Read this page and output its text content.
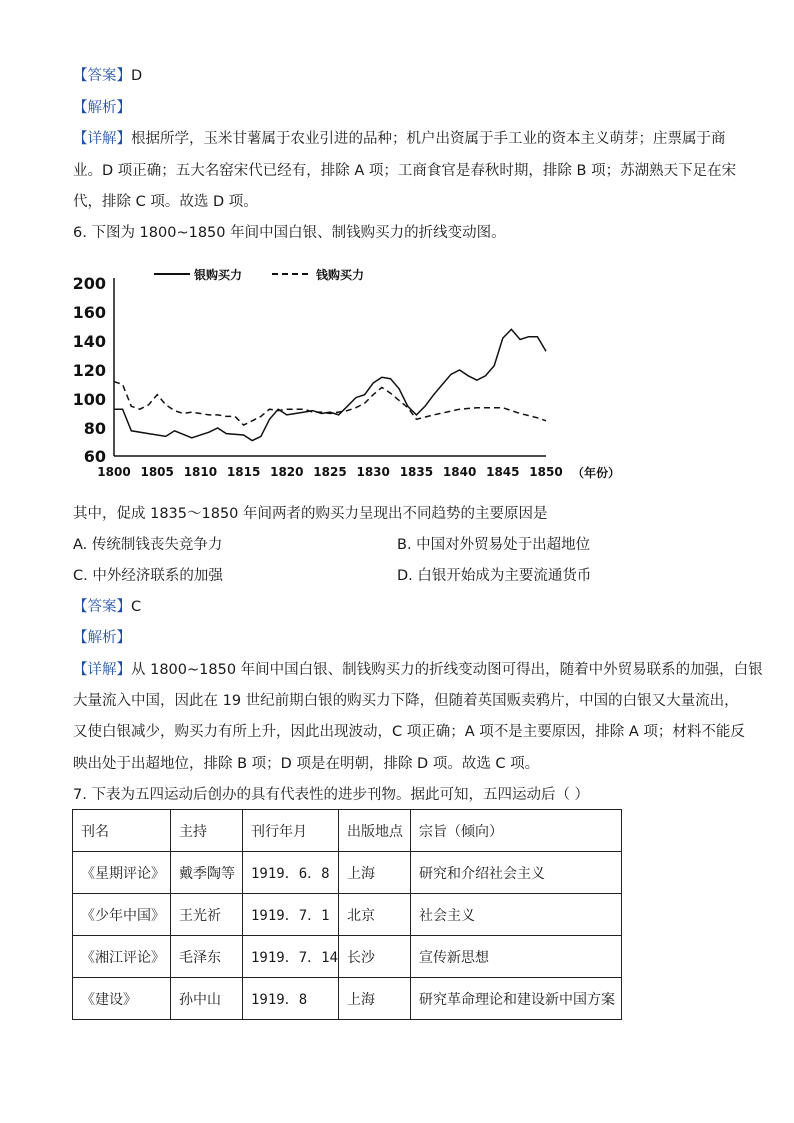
【答案】D
【解析】
【详解】根据所学，玉米甘薯属于农业引进的品种；机户出资属于手工业的资本主义萌芽；庄票属于商
业。D 项正确；五大名窑宋代已经有，排除 A 项；工商食官是春秋时期，排除 B 项；苏湖熟天下足在宋
代，排除 C 项。故选 D 项。
6. 下图为 1800~1850 年间中国白银、制钱购买力的折线变动图。
60
80
100
120
140
160
200
1800 1805 1810 1815 1820 1825 1830 1835 1840 1845 1850
银购买力	钱购买力
（年份）
其中，促成 1835～1850 年间两者的购买力呈现出不同趋势的主要原因是
A. 传统制钱丧失竞争力	B. 中国对外贸易处于出超地位
C. 中外经济联系的加强	D. 白银开始成为主要流通货币
【答案】C
【解析】
【详解】从 1800~1850 年间中国白银、制钱购买力的折线变动图可得出，随着中外贸易联系的加强，白银
大量流入中国，因此在 19 世纪前期白银的购买力下降，但随着英国贩卖鸦片，中国的白银又大量流出，
又使白银减少，购买力有所上升，因此出现波动，C 项正确；A 项不是主要原因，排除 A 项；材料不能反
映出处于出超地位，排除 B 项；D 项是在明朝，排除 D 项。故选 C 项。
7. 下表为五四运动后创办的具有代表性的进步刊物。据此可知，五四运动后（ ）
刊名	主持	刊行年月	出版地点	宗旨（倾向）
《星期评论》	戴季陶等	1919．6．8	上海	研究和介绍社会主义
《少年中国》	王光祈	1919．7．1	北京	社会主义
《湘江评论》	毛泽东	1919．7．14	长沙	宣传新思想
《建设》	孙中山	1919．8	上海	研究革命理论和建设新中国方案
